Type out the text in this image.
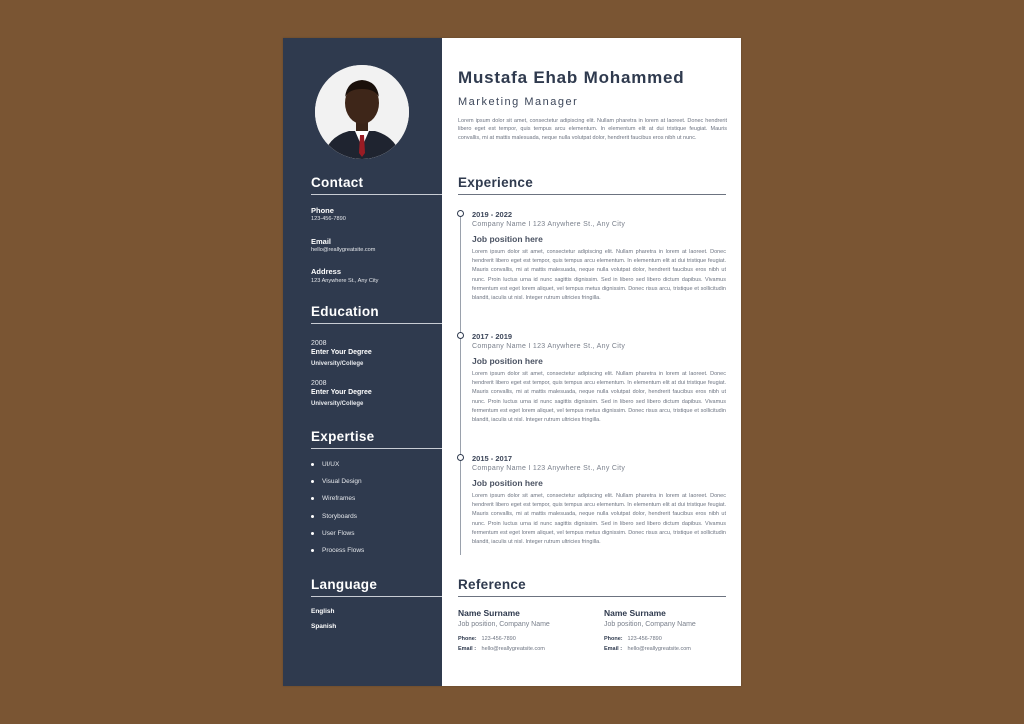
Contact
Phone
123-456-7890
Email
hello@reallygreatsite.com
Address
123 Anywhere St., Any City
Education
2008
Enter Your Degree
University/College
2008
Enter Your Degree
University/College
Expertise
UI/UX
Visual Design
Wireframes
Storyboards
User Flows
Process Flows
Language
English
Spanish
Mustafa Ehab Mohammed
Marketing Manager
Lorem ipsum dolor sit amet, consectetur adipiscing elit. Nullam pharetra in lorem at laoreet. Donec hendrerit libero eget est tempor, quis tempus arcu elementum. In elementum elit at dui tristique feugiat. Mauris convallis, mi at mattis malesuada, neque nulla volutpat dolor, hendrerit faucibus eros nibh ut nunc.
Experience
2019 - 2022
Company Name I 123 Anywhere St., Any City
Job position here
Lorem ipsum dolor sit amet, consectetur adipiscing elit. Nullam pharetra in lorem at laoreet. Donec hendrerit libero eget est tempor, quis tempus arcu elementum. In elementum elit at dui tristique feugiat. Mauris convallis, mi at mattis malesuada, neque nulla volutpat dolor, hendrerit faucibus eros nibh ut nunc. Proin luctus urna id nunc sagittis dignissim. Sed in libero sed libero dictum dapibus. Vivamus fermentum est eget lorem aliquet, vel tempus metus dignissim. Donec risus arcu, tristique et sollicitudin blandit, iaculis ut nisl. Integer rutrum ultricies fringilla.
2017 - 2019
Company Name I 123 Anywhere St., Any City
Job position here
Lorem ipsum dolor sit amet, consectetur adipiscing elit. Nullam pharetra in lorem at laoreet. Donec hendrerit libero eget est tempor, quis tempus arcu elementum. In elementum elit at dui tristique feugiat. Mauris convallis, mi at mattis malesuada, neque nulla volutpat dolor, hendrerit faucibus eros nibh ut nunc. Proin luctus urna id nunc sagittis dignissim. Sed in libero sed libero dictum dapibus. Vivamus fermentum est eget lorem aliquet, vel tempus metus dignissim. Donec risus arcu, tristique et sollicitudin blandit, iaculis ut nisl. Integer rutrum ultricies fringilla.
2015 - 2017
Company Name I 123 Anywhere St., Any City
Job position here
Lorem ipsum dolor sit amet, consectetur adipiscing elit. Nullam pharetra in lorem at laoreet. Donec hendrerit libero eget est tempor, quis tempus arcu elementum. In elementum elit at dui tristique feugiat. Mauris convallis, mi at mattis malesuada, neque nulla volutpat dolor, hendrerit faucibus eros nibh ut nunc. Proin luctus urna id nunc sagittis dignissim. Sed in libero sed libero dictum dapibus. Vivamus fermentum est eget lorem aliquet, vel tempus metus dignissim. Donec risus arcu, tristique et sollicitudin blandit, iaculis ut nisl. Integer rutrum ultricies fringilla.
Reference
Name Surname
Job position, Company Name
Phone: 123-456-7890
Email : hello@reallygreatsite.com
Name Surname
Job position, Company Name
Phone: 123-456-7890
Email : hello@reallygreatsite.com
